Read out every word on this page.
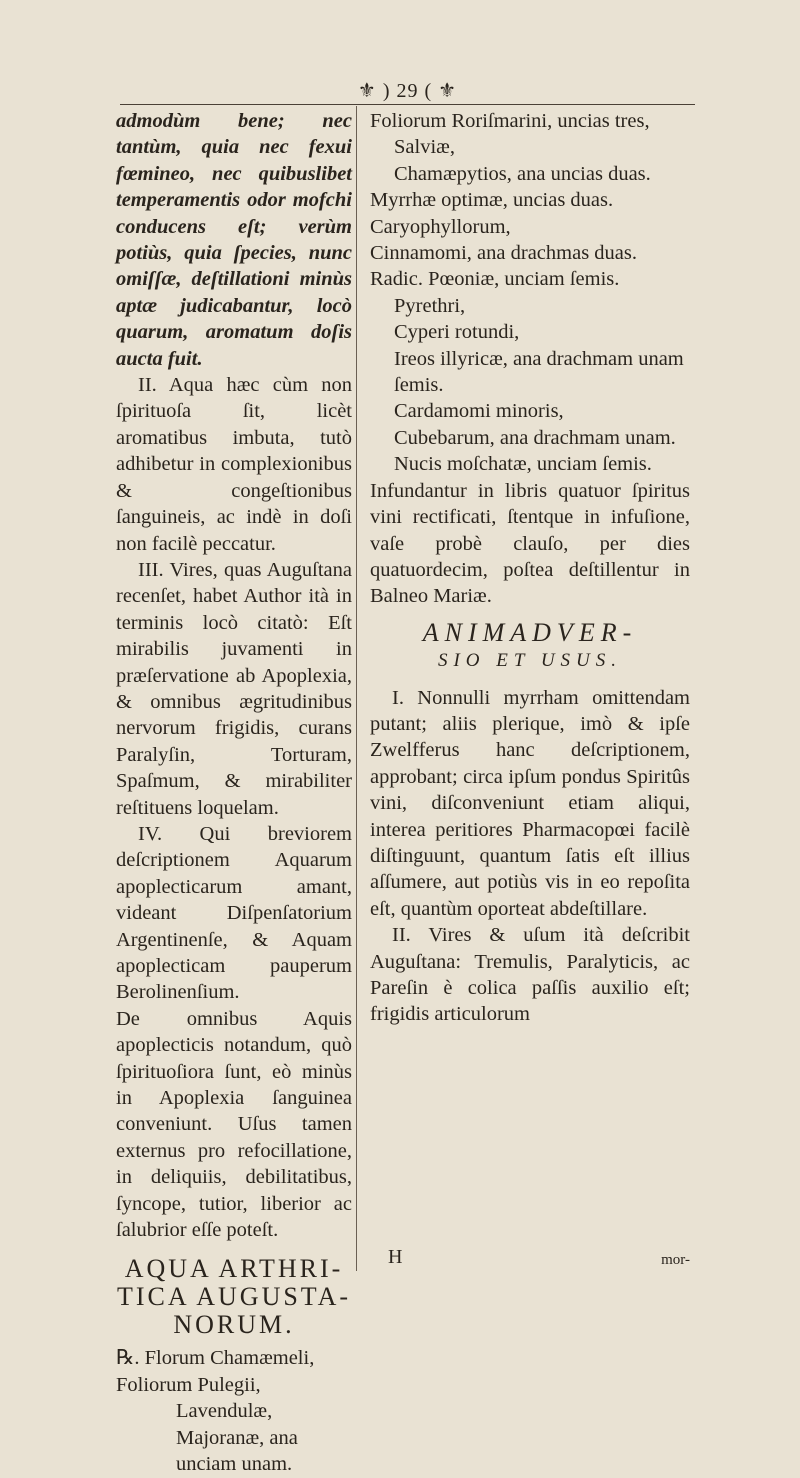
⚜ ) 29 ( ⚜

admodùm bene; nec tantùm, quia nec fexui fœmineo, nec quibuslibet temperamentis odor mofchi conducens eſt; verùm potiùs, quia ſpecies, nunc omiſſæ, deſtillationi minùs aptæ judicabantur, locò quarum, aromatum doſis aucta fuit.

II. Aqua hæc cùm non ſpirituoſa ſit, licèt aromatibus imbuta, tutò adhibetur in complexionibus & congeſtionibus ſanguineis, ac indè in doſi non facilè peccatur.

III. Vires, quas Auguſtana recenſet, habet Author ità in terminis locò citatò: Eſt mirabilis juvamenti in præſervatione ab Apoplexia, & omnibus ægritudinibus nervorum frigidis, curans Paralyſin, Torturam, Spaſmum, & mirabiliter reſtituens loquelam.

IV. Qui breviorem deſcriptionem Aquarum apoplecticarum amant, videant Diſpenſatorium Argentinenſe, & Aquam apoplecticam pauperum Berolinenſium.

De omnibus Aquis apoplecticis notandum, quò ſpirituoſiora ſunt, eò minùs in Apoplexia ſanguinea conveniunt. Uſus tamen externus pro refocillatione, in deliquiis, debilitatibus, ſyncope, tutior, liberior ac ſalubrior eſſe poteſt.

AQUA ARTHRI-
TICA AUGUSTA-
NORUM.
℞. Florum Chamæmeli,
Foliorum Pulegii,
Lavendulæ,
Majoranæ, ana unciam unam.
Foliorum Roriſmarini, uncias tres,
Salviæ,
Chamæpytios, ana uncias duas.
Myrrhæ optimæ, uncias duas.
Caryophyllorum,
Cinnamomi, ana drachmas duas.
Radic. Pœoniæ, unciam ſemis.
Pyrethri,
Cyperi rotundi,
Ireos illyricæ, ana drachmam unam ſemis.
Cardamomi minoris,
Cubebarum, ana drachmam unam.
Nucis moſchatæ, unciam ſemis.

Infundantur in libris quatuor ſpiritus vini rectificati, ſtentque in infuſione, vaſe probè clauſo, per dies quatuordecim, poſtea deſtillentur in Balneo Mariæ.

ANIMADVER-
SIO ET USUS.

I. Nonnulli myrrham omittendam putant; aliis plerique, imò & ipſe Zwelfferus hanc deſcriptionem, approbant; circa ipſum pondus Spiritûs vini, diſconveniunt etiam aliqui, interea peritiores Pharmacopœi facilè diſtinguunt, quantum ſatis eſt illius aſſumere, aut potiùs vis in eo repoſita eſt, quantùm oporteat abdeſtillare.

II. Vires & uſum ità deſcribit Auguſtana: Tremulis, Paralyticis, ac Pareſin è colica paſſis auxilio eſt; frigidis articulorum

H	mor-
